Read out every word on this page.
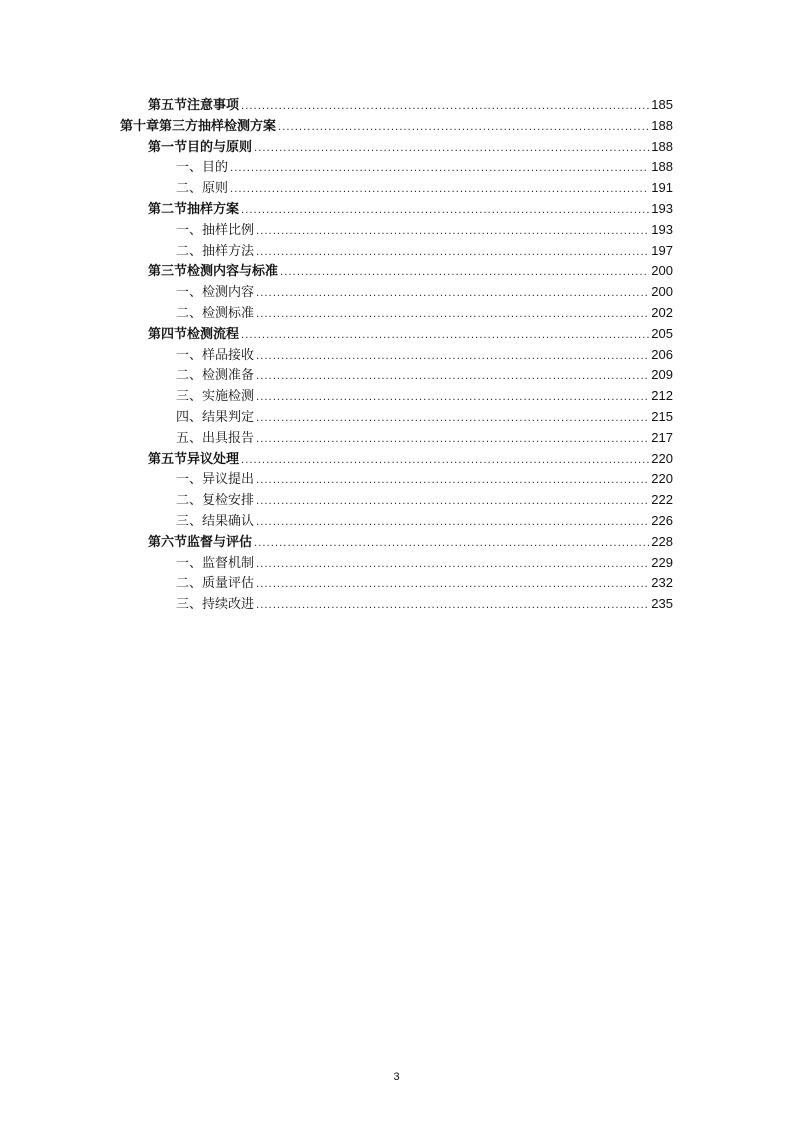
第五节注意事项 .....	185
第十章第三方抽样检测方案 .....	188
第一节目的与原则 .....	188
一、目的 .....	188
二、原则 .....	191
第二节抽样方案 .....	193
一、抽样比例 .....	193
二、抽样方法 .....	197
第三节检测内容与标准 .....	200
一、检测内容 .....	200
二、检测标准 .....	202
第四节检测流程 .....	205
一、样品接收 .....	206
二、检测准备 .....	209
三、实施检测 .....	212
四、结果判定 .....	215
五、出具报告 .....	217
第五节异议处理 .....	220
一、异议提出 .....	220
二、复检安排 .....	222
三、结果确认 .....	226
第六节监督与评估 .....	228
一、监督机制 .....	229
二、质量评估 .....	232
三、持续改进 .....	235
3
